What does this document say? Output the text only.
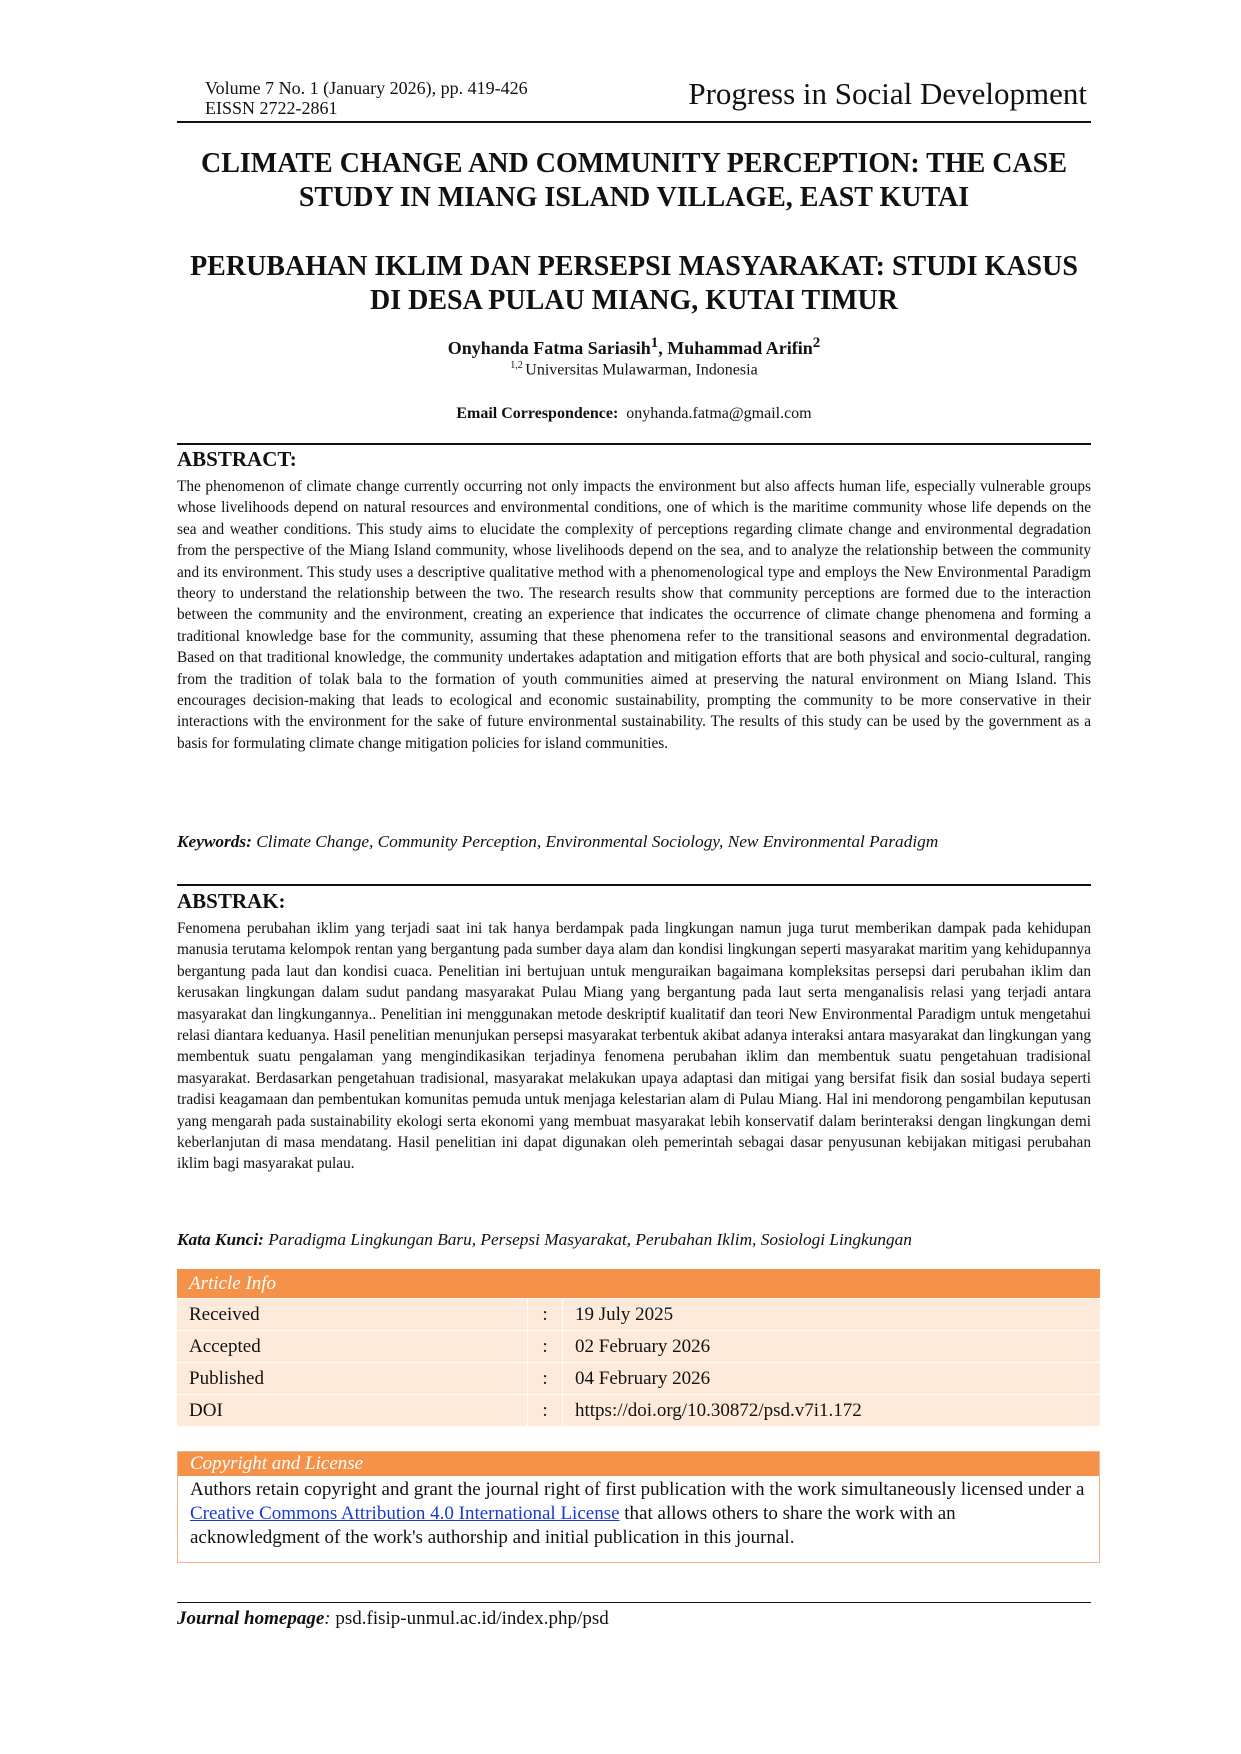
Volume 7 No. 1 (January 2026), pp. 419-426
EISSN 2722-2861	Progress in Social Development
CLIMATE CHANGE AND COMMUNITY PERCEPTION: THE CASE STUDY IN MIANG ISLAND VILLAGE, EAST KUTAI
PERUBAHAN IKLIM DAN PERSEPSI MASYARAKAT: STUDI KASUS DI DESA PULAU MIANG, KUTAI TIMUR
Onyhanda Fatma Sariasih$^1$, Muhammad Arifin$^2$
$^{1,2}$ Universitas Mulawarman, Indonesia
Email Correspondence: onyhanda.fatma@gmail.com
ABSTRACT:
The phenomenon of climate change currently occurring not only impacts the environment but also affects human life, especially vulnerable groups whose livelihoods depend on natural resources and environmental conditions, one of which is the maritime community whose life depends on the sea and weather conditions. This study aims to elucidate the complexity of perceptions regarding climate change and environmental degradation from the perspective of the Miang Island community, whose livelihoods depend on the sea, and to analyze the relationship between the community and its environment. This study uses a descriptive qualitative method with a phenomenological type and employs the New Environmental Paradigm theory to understand the relationship between the two. The research results show that community perceptions are formed due to the interaction between the community and the environment, creating an experience that indicates the occurrence of climate change phenomena and forming a traditional knowledge base for the community, assuming that these phenomena refer to the transitional seasons and environmental degradation. Based on that traditional knowledge, the community undertakes adaptation and mitigation efforts that are both physical and socio-cultural, ranging from the tradition of tolak bala to the formation of youth communities aimed at preserving the natural environment on Miang Island. This encourages decision-making that leads to ecological and economic sustainability, prompting the community to be more conservative in their interactions with the environment for the sake of future environmental sustainability. The results of this study can be used by the government as a basis for formulating climate change mitigation policies for island communities.
Keywords: Climate Change, Community Perception, Environmental Sociology, New Environmental Paradigm
ABSTRAK:
Fenomena perubahan iklim yang terjadi saat ini tak hanya berdampak pada lingkungan namun juga turut memberikan dampak pada kehidupan manusia terutama kelompok rentan yang bergantung pada sumber daya alam dan kondisi lingkungan seperti masyarakat maritim yang kehidupannya bergantung pada laut dan kondisi cuaca. Penelitian ini bertujuan untuk menguraikan bagaimana kompleksitas persepsi dari perubahan iklim dan kerusakan lingkungan dalam sudut pandang masyarakat Pulau Miang yang bergantung pada laut serta menganalisis relasi yang terjadi antara masyarakat dan lingkungannya.. Penelitian ini menggunakan metode deskriptif kualitatif dan teori New Environmental Paradigm untuk mengetahui relasi diantara keduanya. Hasil penelitian menunjukan persepsi masyarakat terbentuk akibat adanya interaksi antara masyarakat dan lingkungan yang membentuk suatu pengalaman yang mengindikasikan terjadinya fenomena perubahan iklim dan membentuk suatu pengetahuan tradisional masyarakat. Berdasarkan pengetahuan tradisional, masyarakat melakukan upaya adaptasi dan mitigai yang bersifat fisik dan sosial budaya seperti tradisi keagamaan dan pembentukan komunitas pemuda untuk menjaga kelestarian alam di Pulau Miang. Hal ini mendorong pengambilan keputusan yang mengarah pada sustainability ekologi serta ekonomi yang membuat masyarakat lebih konservatif dalam berinteraksi dengan lingkungan demi keberlanjutan di masa mendatang. Hasil penelitian ini dapat digunakan oleh pemerintah sebagai dasar penyusunan kebijakan mitigasi perubahan iklim bagi masyarakat pulau.
Kata Kunci: Paradigma Lingkungan Baru, Persepsi Masyarakat, Perubahan Iklim, Sosiologi Lingkungan
Article Info
Received	:	19 July 2025
Accepted	:	02 February 2026
Published	:	04 February 2026
DOI	:	https://doi.org/10.30872/psd.v7i1.172
Copyright and License
Authors retain copyright and grant the journal right of first publication with the work simultaneously licensed under a Creative Commons Attribution 4.0 International License that allows others to share the work with an acknowledgment of the work's authorship and initial publication in this journal.
Journal homepage: psd.fisip-unmul.ac.id/index.php/psd
